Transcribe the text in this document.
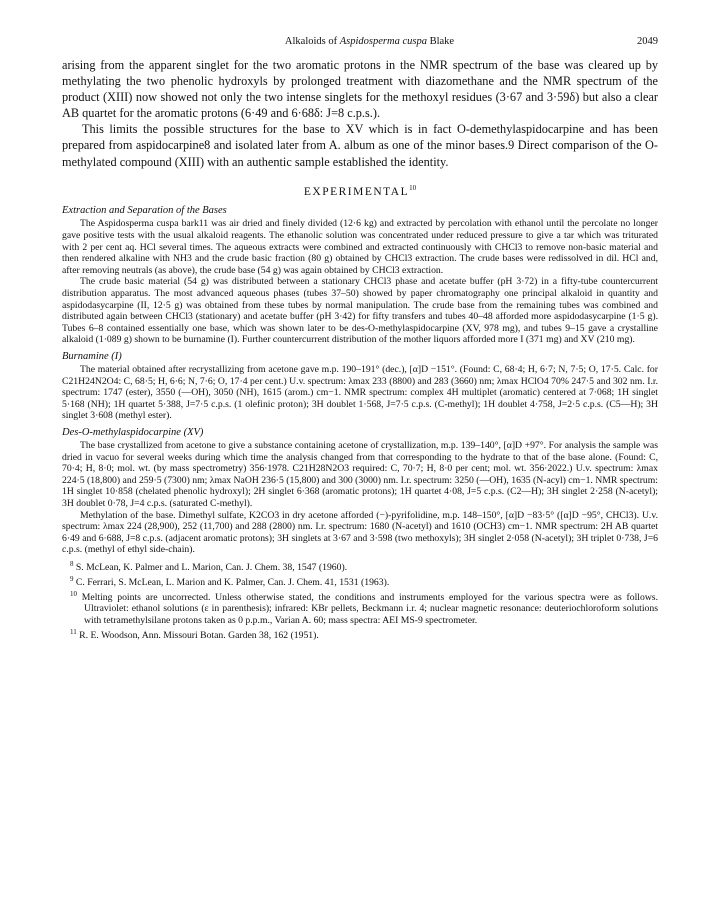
Alkaloids of Aspidosperma cuspa Blake	2049

arising from the apparent singlet for the two aromatic protons in the NMR spectrum of the base was cleared up by methylating the two phenolic hydroxyls by prolonged treatment with diazomethane and the NMR spectrum of the product (XIII) now showed not only the two intense singlets for the methoxyl residues (3·67 and 3·59δ) but also a clear AB quartet for the aromatic protons (6·49 and 6·68δ: J=8 c.p.s.).

This limits the possible structures for the base to XV which is in fact O-demethylaspidocarpine and has been prepared from aspidocarpine8 and isolated later from A. album as one of the minor bases.9 Direct comparison of the O-methylated compound (XIII) with an authentic sample established the identity.

EXPERIMENTAL$^{10}$
Extraction and Separation of the Bases

The Aspidosperma cuspa bark11 was air dried and finely divided (12·6 kg) and extracted by percolation with ethanol until the percolate no longer gave positive tests with the usual alkaloid reagents. The ethanolic solution was concentrated under reduced pressure to give a tar which was triturated with 2 per cent aq. HCl several times. The aqueous extracts were combined and extracted continuously with CHCl3 to remove non-basic material and then rendered alkaline with NH3 and the crude basic fraction (80 g) obtained by CHCl3 extraction. The crude bases were redissolved in dil. HCl and, after removing neutrals (as above), the crude base (54 g) was again obtained by CHCl3 extraction.

The crude basic material (54 g) was distributed between a stationary CHCl3 phase and acetate buffer (pH 3·72) in a fifty-tube countercurrent distribution apparatus. The most advanced aqueous phases (tubes 37–50) showed by paper chromatography one principal alkaloid in quantity and aspidodasycarpine (II, 12·5 g) was obtained from these tubes by normal manipulation. The crude base from the remaining tubes was combined and distributed again between CHCl3 (stationary) and acetate buffer (pH 3·42) for fifty transfers and tubes 40–48 afforded more aspidodasycarpine (1·5 g). Tubes 6–8 contained essentially one base, which was shown later to be des-O-methylaspidocarpine (XV, 978 mg), and tubes 9–15 gave a crystalline alkaloid (1·089 g) shown to be burnamine (I). Further countercurrent distribution of the mother liquors afforded more I (371 mg) and XV (210 mg).

Burnamine (I)

The material obtained after recrystallizing from acetone gave m.p. 190–191° (dec.), [α]D −151°. (Found: C, 68·4; H, 6·7; N, 7·5; O, 17·5. Calc. for C21H24N2O4: C, 68·5; H, 6·6; N, 7·6; O, 17·4 per cent.) U.v. spectrum: λmax 233 (8800) and 283 (3660) nm; λmax HClO4 70% 247·5 and 302 nm. I.r. spectrum: 1747 (ester), 3550 (—OH), 3050 (NH), 1615 (arom.) cm−1. NMR spectrum: complex 4H multiplet (aromatic) centered at 7·068; 1H singlet 5·168 (NH); 1H quartet 5·388, J=7·5 c.p.s. (1 olefinic proton); 3H doublet 1·568, J=7·5 c.p.s. (C-methyl); 1H doublet 4·758, J=2·5 c.p.s. (C5—H); 3H singlet 3·608 (methyl ester).

Des-O-methylaspidocarpine (XV)

The base crystallized from acetone to give a substance containing acetone of crystallization, m.p. 139–140°, [α]D +97°. For analysis the sample was dried in vacuo for several weeks during which time the analysis changed from that corresponding to the hydrate to that of the base alone. (Found: C, 70·4; H, 8·0; mol. wt. (by mass spectrometry) 356·1978. C21H28N2O3 required: C, 70·7; H, 8·0 per cent; mol. wt. 356·2022.) U.v. spectrum: λmax 224·5 (18,800) and 259·5 (7300) nm; λmax NaOH 236·5 (15,800) and 300 (3000) nm. I.r. spectrum: 3250 (—OH), 1635 (N-acyl) cm−1. NMR spectrum: 1H singlet 10·858 (chelated phenolic hydroxyl); 2H singlet 6·368 (aromatic protons); 1H quartet 4·08, J=5 c.p.s. (C2—H); 3H singlet 2·258 (N-acetyl); 3H doublet 0·78, J=4 c.p.s. (saturated C-methyl).

Methylation of the base. Dimethyl sulfate, K2CO3 in dry acetone afforded (−)-pyrifolidine, m.p. 148–150°, [α]D −83·5° ([α]D −95°, CHCl3). U.v. spectrum: λmax 224 (28,900), 252 (11,700) and 288 (2800) nm. I.r. spectrum: 1680 (N-acetyl) and 1610 (OCH3) cm−1. NMR spectrum: 2H AB quartet 6·49 and 6·688, J=8 c.p.s. (adjacent aromatic protons); 3H singlets at 3·67 and 3·598 (two methoxyls); 3H singlet 2·058 (N-acetyl); 3H triplet 0·738, J=6 c.p.s. (methyl of ethyl side-chain).

$^8$ S. McLean, K. Palmer and L. Marion, Can. J. Chem. 38, 1547 (1960).

$^9$ C. Ferrari, S. McLean, L. Marion and K. Palmer, Can. J. Chem. 41, 1531 (1963).

$^{10}$ Melting points are uncorrected. Unless otherwise stated, the conditions and instruments employed for the various spectra were as follows. Ultraviolet: ethanol solutions (ε in parenthesis); infrared: KBr pellets, Beckmann i.r. 4; nuclear magnetic resonance: deuteriochloroform solutions with tetramethylsilane protons taken as 0 p.p.m., Varian A. 60; mass spectra: AEI MS-9 spectrometer.

$^{11}$ R. E. Woodson, Ann. Missouri Botan. Garden 38, 162 (1951).
